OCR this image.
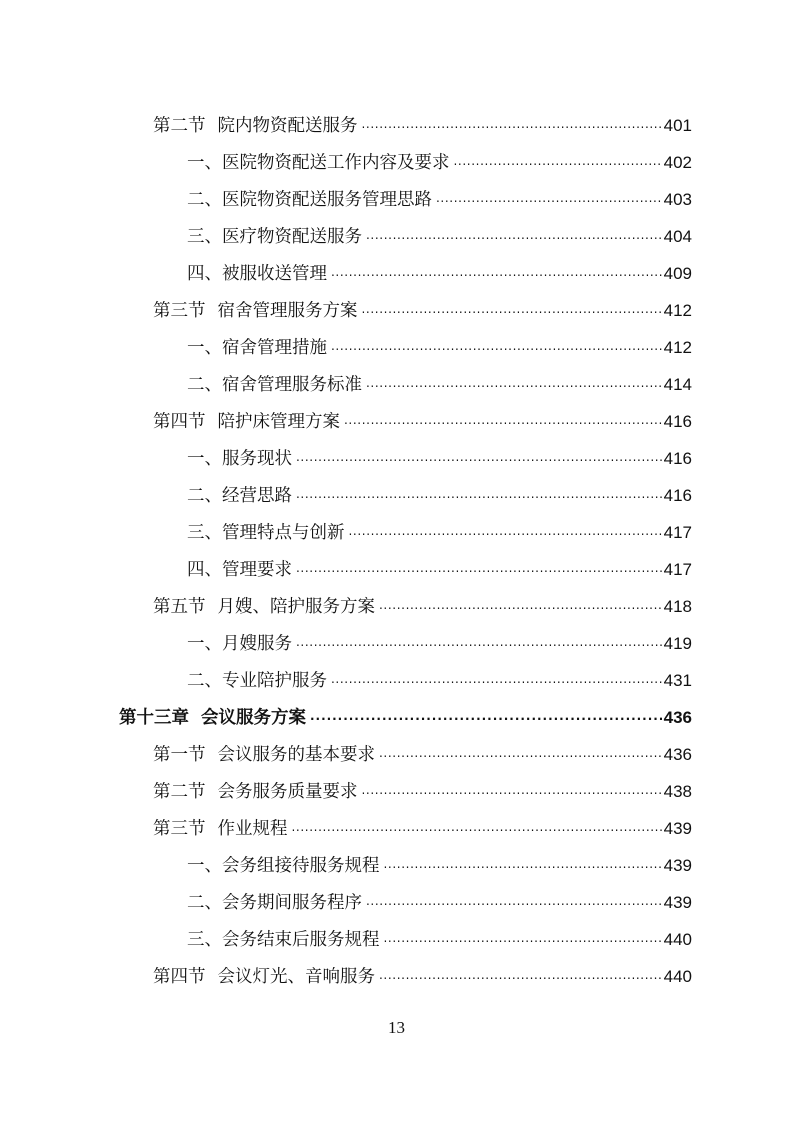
第二节 院内物资配送服务 . . .	401
一、医院物资配送工作内容及要求 . . .	402
二、医院物资配送服务管理思路 . . .	403
三、医疗物资配送服务 . . .	404
四、被服收送管理 . . .	409
第三节 宿舍管理服务方案 . . .	412
一、宿舍管理措施 . . .	412
二、宿舍管理服务标准 . . .	414
第四节 陪护床管理方案 . . .	416
一、服务现状 . . .	416
二、经营思路 . . .	416
三、管理特点与创新 . . .	417
四、管理要求 . . .	417
第五节 月嫂、陪护服务方案 . . .	418
一、月嫂服务 . . .	419
二、专业陪护服务 . . .	431
第十三章 会议服务方案 . . .	436
第一节 会议服务的基本要求 . . .	436
第二节 会务服务质量要求 . . .	438
第三节 作业规程 . . .	439
一、会务组接待服务规程 . . .	439
二、会务期间服务程序 . . .	439
三、会务结束后服务规程 . . .	440
第四节 会议灯光、音响服务 . . .	440
13
